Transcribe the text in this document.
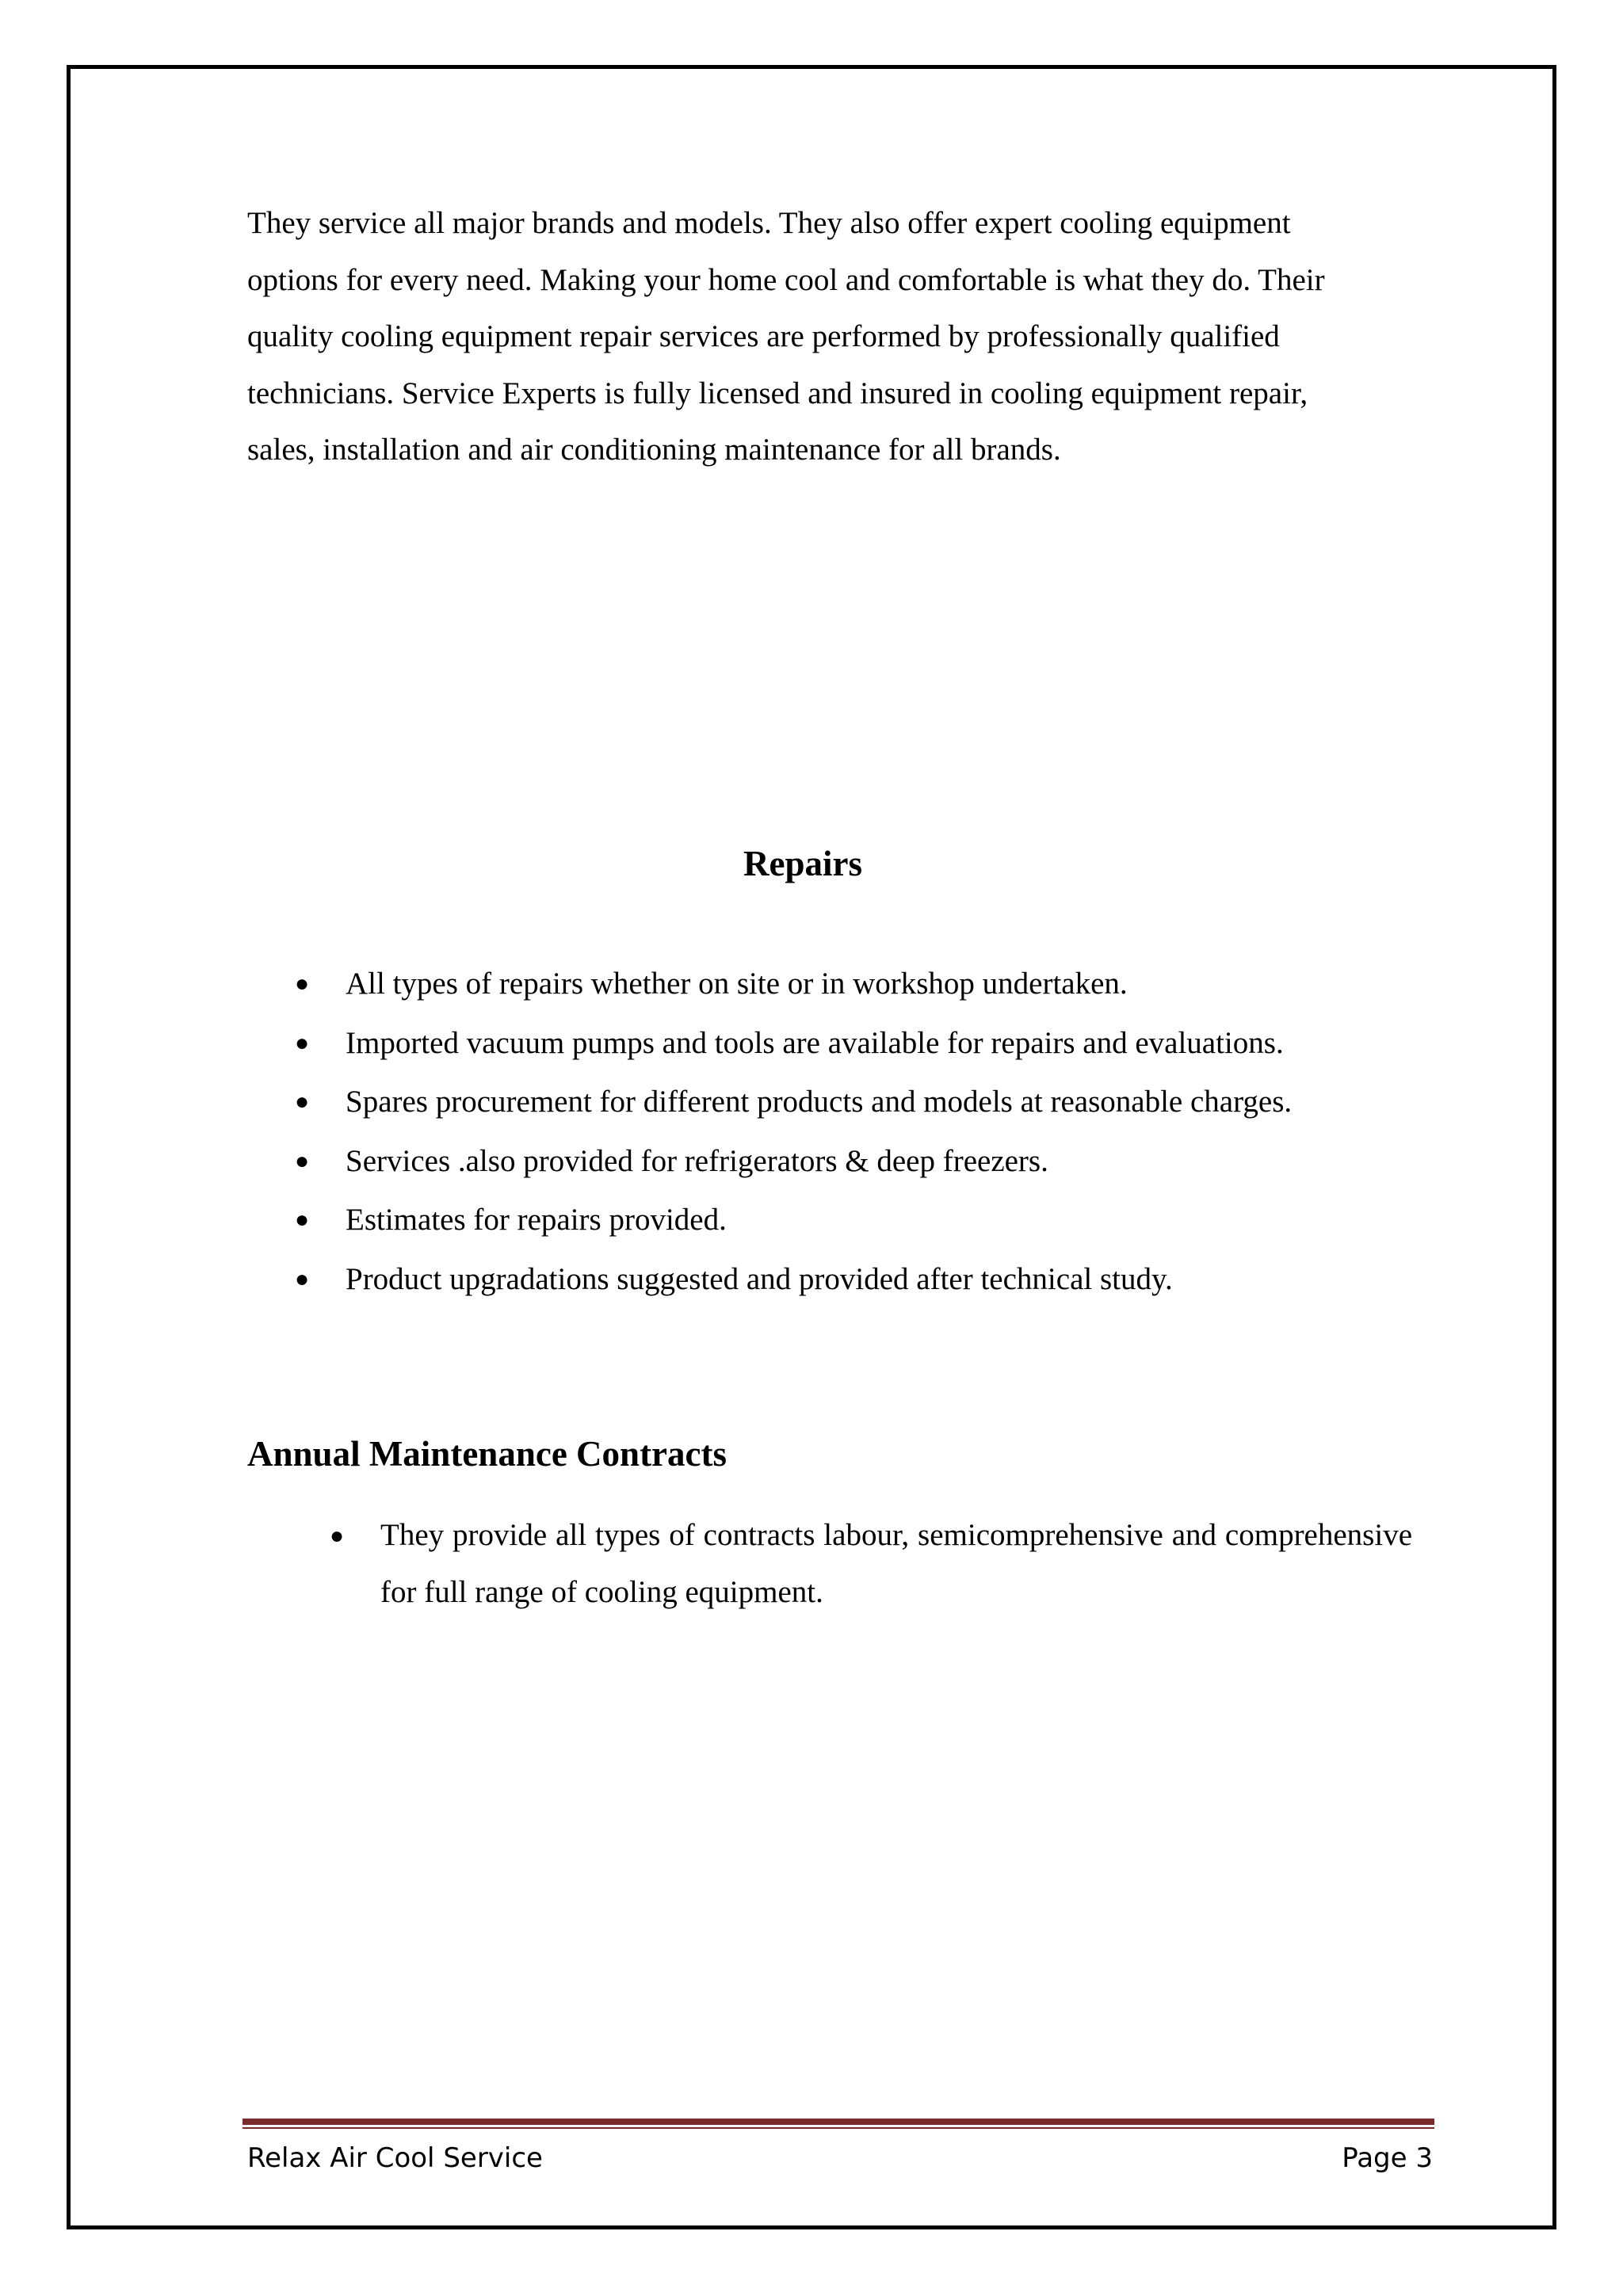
They service all major brands and models. They also offer expert cooling equipment
options for every need. Making your home cool and comfortable is what they do. Their
quality cooling equipment repair services are performed by professionally qualified
technicians. Service Experts is fully licensed and insured in cooling equipment repair,
sales, installation and air conditioning maintenance for all brands.

Repairs
● All types of repairs whether on site or in workshop undertaken.
● Imported vacuum pumps and tools are available for repairs and evaluations.
● Spares procurement for different products and models at reasonable charges.
● Services .also provided for refrigerators & deep freezers.
● Estimates for repairs provided.
● Product upgradations suggested and provided after technical study.
Annual Maintenance Contracts
● They provide all types of contracts labour, semicomprehensive and comprehensive for full range of cooling equipment.
Relax Air Cool Service	Page 3
